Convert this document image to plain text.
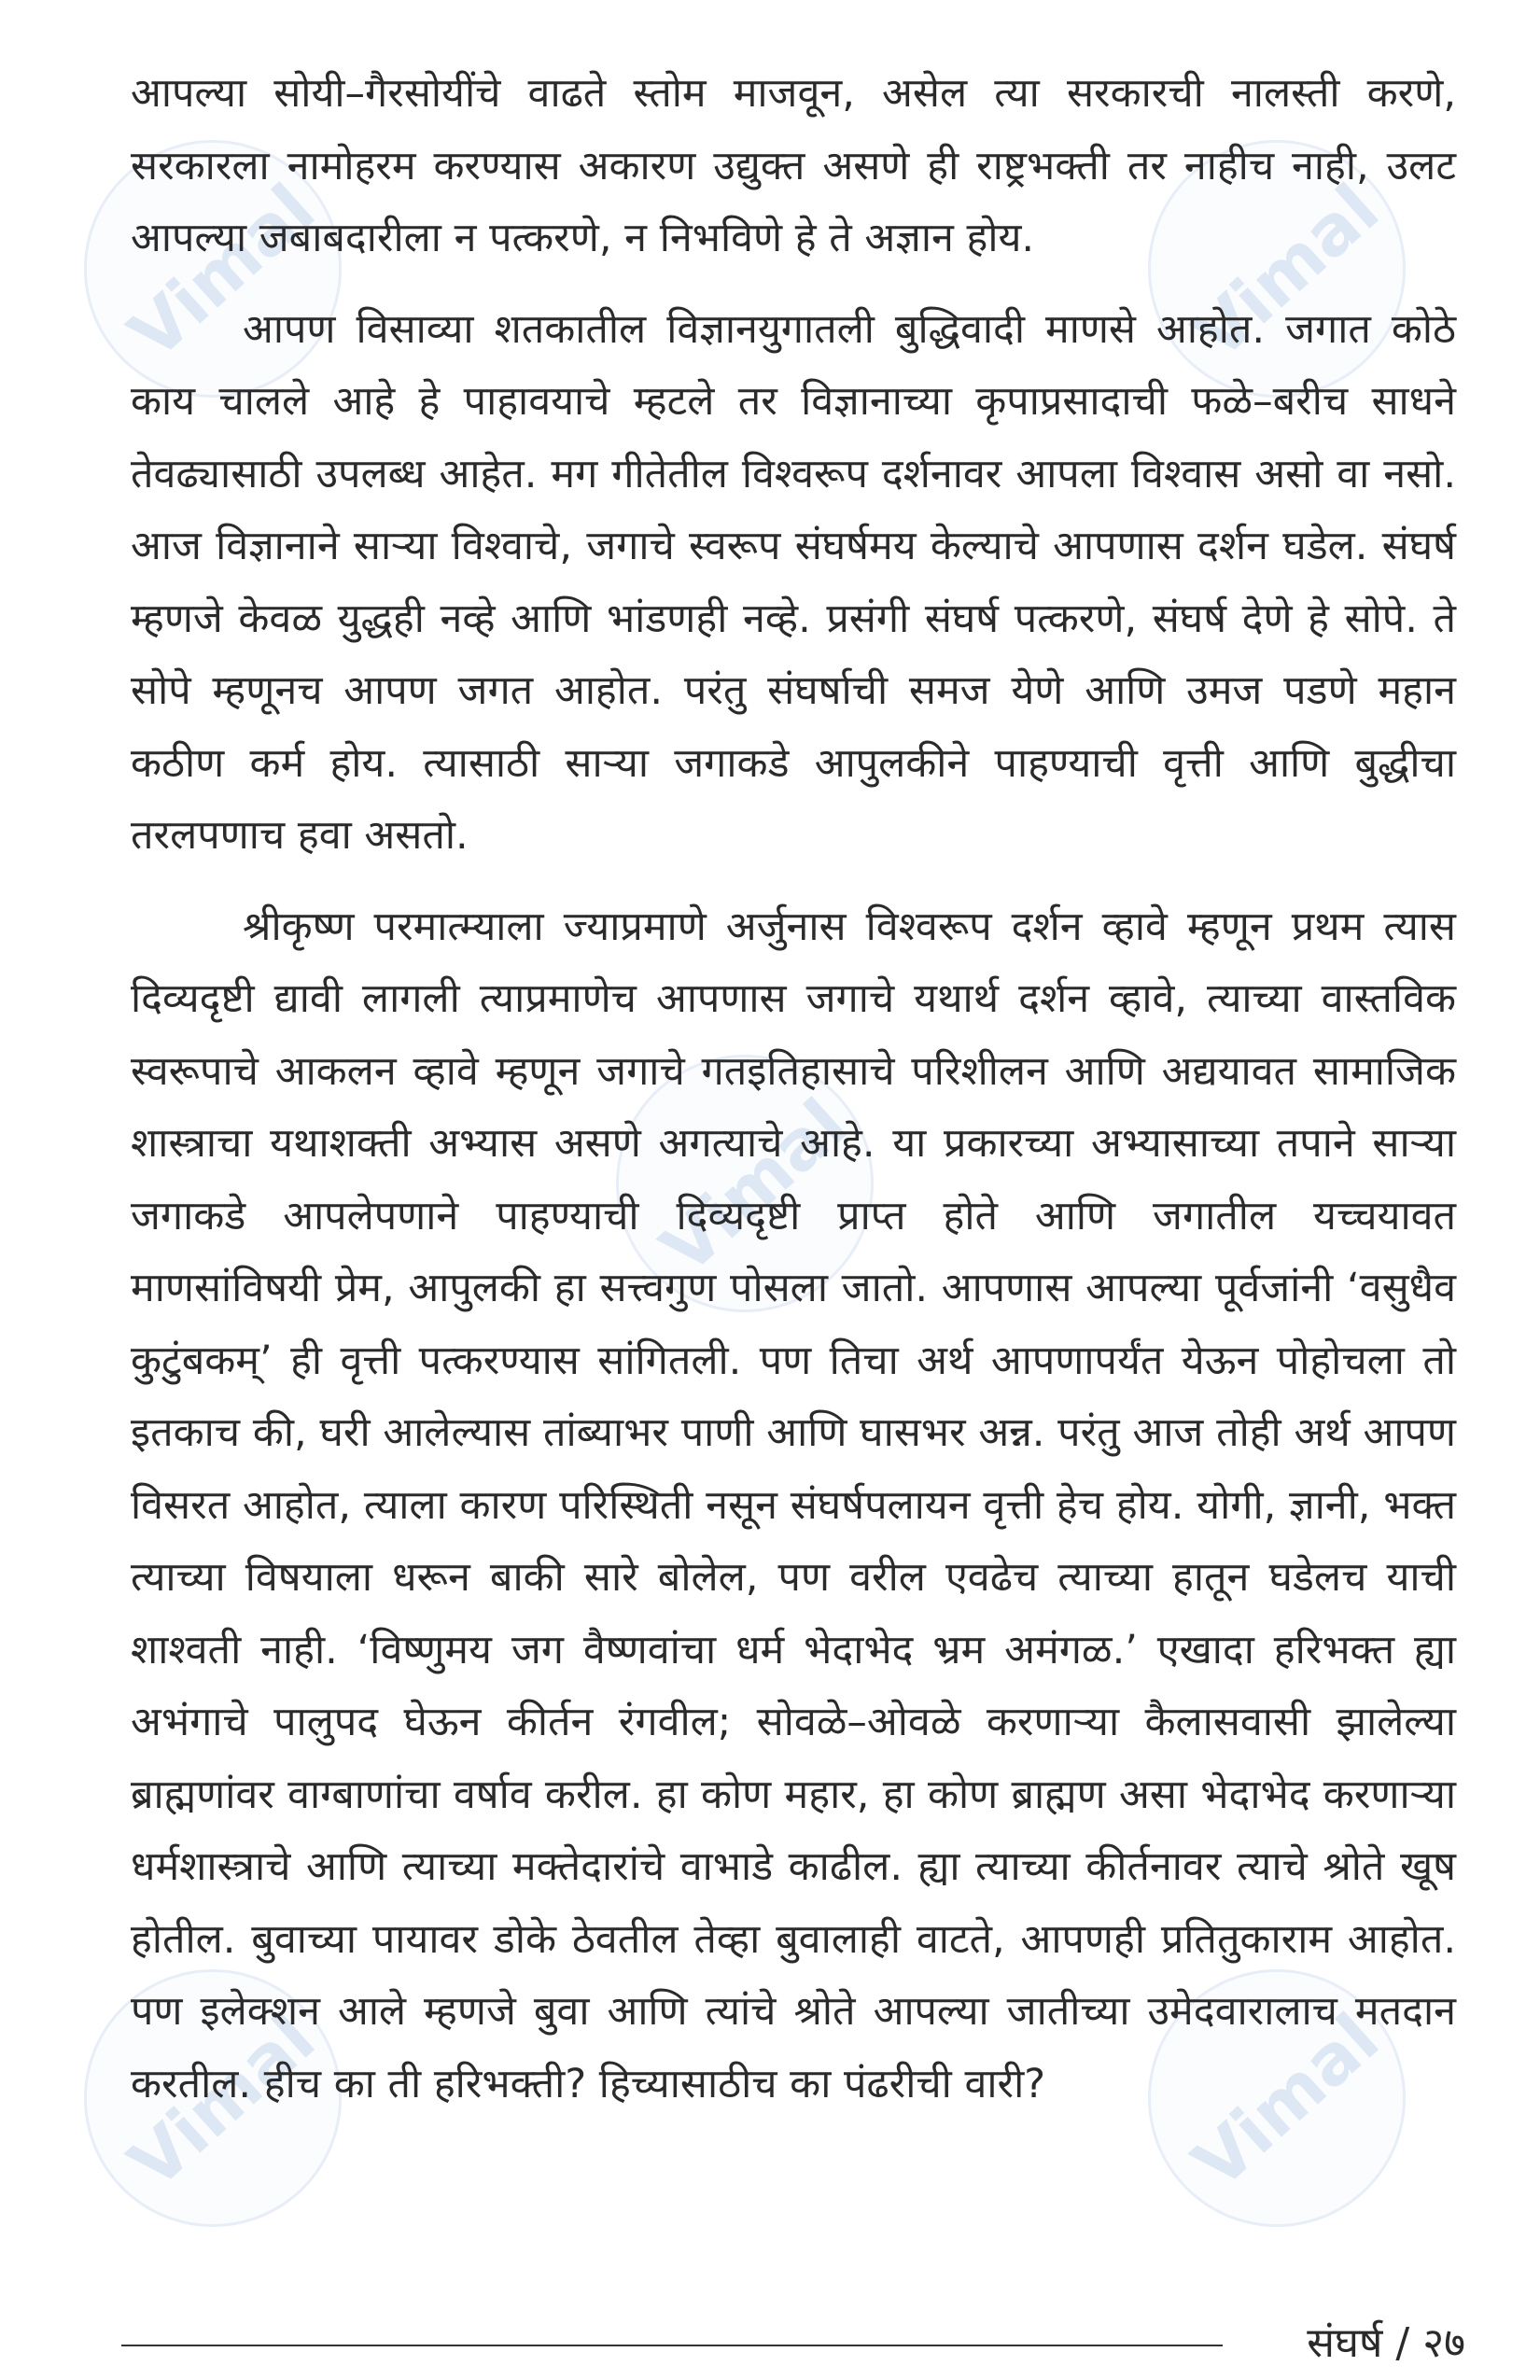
Vimal	Vimal
Vimal
Vimal	Vimal

आपल्या सोयी–गैरसोयींचे वाढते स्तोम माजवून, असेल त्या सरकारची नालस्ती करणे, सरकारला नामोहरम करण्यास अकारण उद्युक्त असणे ही राष्ट्रभक्ती तर नाहीच नाही, उलट आपल्या जबाबदारीला न पत्करणे, न निभविणे हे ते अज्ञान होय.

आपण विसाव्या शतकातील विज्ञानयुगातली बुद्धिवादी माणसे आहोत. जगात कोठे काय चालले आहे हे पाहावयाचे म्हटले तर विज्ञानाच्या कृपाप्रसादाची फळे–बरीच साधने तेवढ्यासाठी उपलब्ध आहेत. मग गीतेतील विश्वरूप दर्शनावर आपला विश्वास असो वा नसो. आज विज्ञानाने साऱ्या विश्वाचे, जगाचे स्वरूप संघर्षमय केल्याचे आपणास दर्शन घडेल. संघर्ष म्हणजे केवळ युद्धही नव्हे आणि भांडणही नव्हे. प्रसंगी संघर्ष पत्करणे, संघर्ष देणे हे सोपे. ते सोपे म्हणूनच आपण जगत आहोत. परंतु संघर्षाची समज येणे आणि उमज पडणे महान कठीण कर्म होय. त्यासाठी साऱ्या जगाकडे आपुलकीने पाहण्याची वृत्ती आणि बुद्धीचा तरलपणाच हवा असतो.

श्रीकृष्ण परमात्म्याला ज्याप्रमाणे अर्जुनास विश्वरूप दर्शन व्हावे म्हणून प्रथम त्यास दिव्यदृष्टी द्यावी लागली त्याप्रमाणेच आपणास जगाचे यथार्थ दर्शन व्हावे, त्याच्या वास्तविक स्वरूपाचे आकलन व्हावे म्हणून जगाचे गतइतिहासाचे परिशीलन आणि अद्ययावत सामाजिक शास्त्राचा यथाशक्ती अभ्यास असणे अगत्याचे आहे. या प्रकारच्या अभ्यासाच्या तपाने साऱ्या जगाकडे आपलेपणाने पाहण्याची दिव्यदृष्टी प्राप्त होते आणि जगातील यच्चयावत माणसांविषयी प्रेम, आपुलकी हा सत्त्वगुण पोसला जातो. आपणास आपल्या पूर्वजांनी ‘वसुधैव कुटुंबकम्’ ही वृत्ती पत्करण्यास सांगितली. पण तिचा अर्थ आपणापर्यंत येऊन पोहोचला तो इतकाच की, घरी आलेल्यास तांब्याभर पाणी आणि घासभर अन्न. परंतु आज तोही अर्थ आपण विसरत आहोत, त्याला कारण परिस्थिती नसून संघर्षपलायन वृत्ती हेच होय. योगी, ज्ञानी, भक्त त्याच्या विषयाला धरून बाकी सारे बोलेल, पण वरील एवढेच त्याच्या हातून घडेलच याची शाश्वती नाही. ‘विष्णुमय जग वैष्णवांचा धर्म भेदाभेद भ्रम अमंगळ.’ एखादा हरिभक्त ह्या अभंगाचे पालुपद घेऊन कीर्तन रंगवील; सोवळे–ओवळे करणाऱ्या कैलासवासी झालेल्या ब्राह्मणांवर वाग्बाणांचा वर्षाव करील. हा कोण महार, हा कोण ब्राह्मण असा भेदाभेद करणाऱ्या धर्मशास्त्राचे आणि त्याच्या मक्तेदारांचे वाभाडे काढील. ह्या त्याच्या कीर्तनावर त्याचे श्रोते खूष होतील. बुवाच्या पायावर डोके ठेवतील तेव्हा बुवालाही वाटते, आपणही प्रतितुकाराम आहोत. पण इलेक्शन आले म्हणजे बुवा आणि त्यांचे श्रोते आपल्या जातीच्या उमेदवारालाच मतदान करतील. हीच का ती हरिभक्ती? हिच्यासाठीच का पंढरीची वारी?

संघर्ष / २७
